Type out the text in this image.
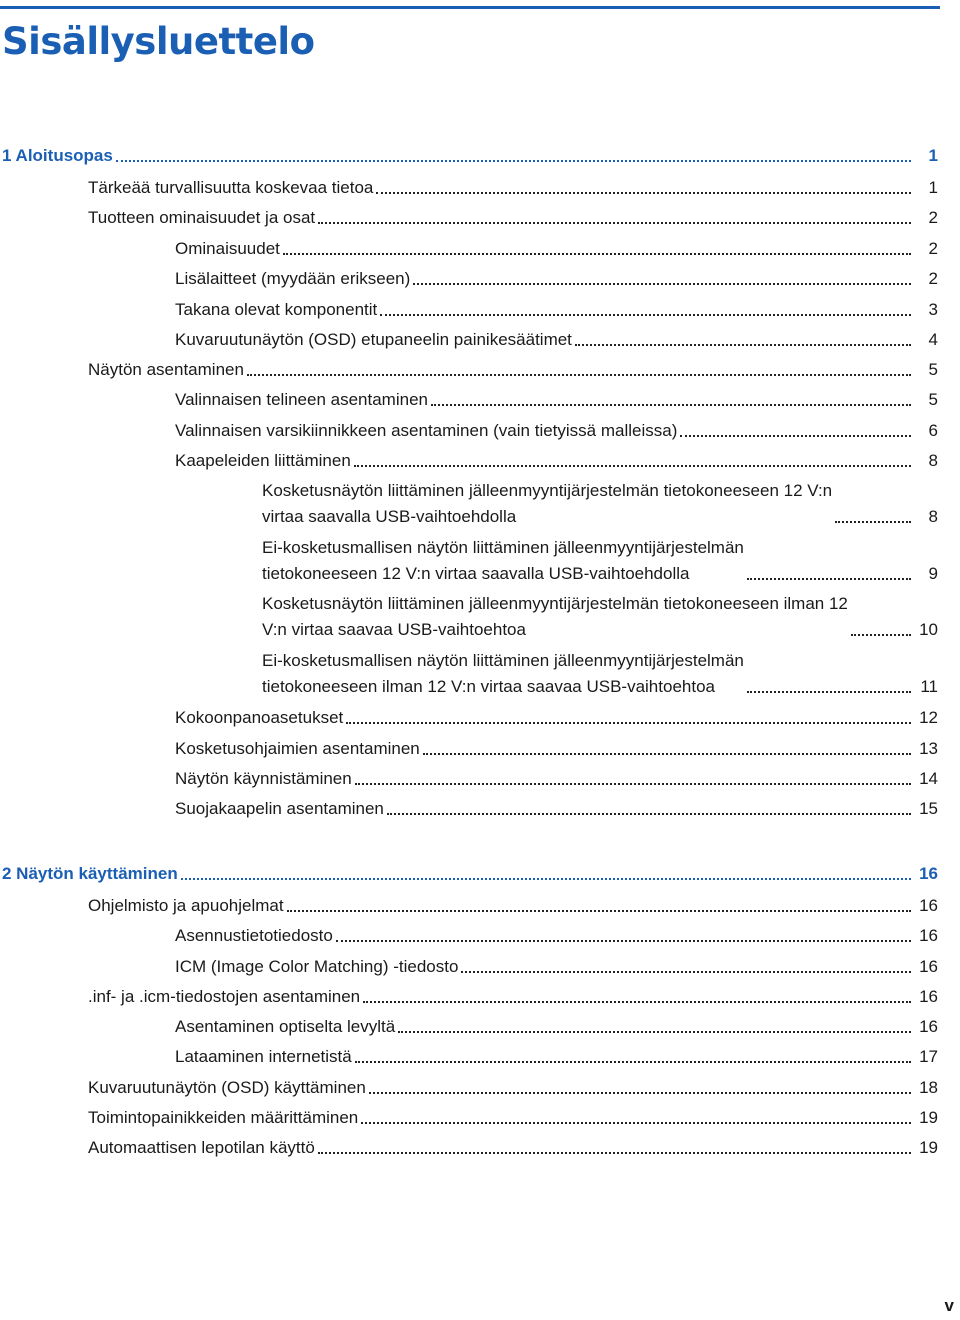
Sisällysluettelo
1 Aloitusopas	1
Tärkeää turvallisuutta koskevaa tietoa	1
Tuotteen ominaisuudet ja osat	2
Ominaisuudet	2
Lisälaitteet (myydään erikseen)	2
Takana olevat komponentit	3
Kuvaruutunäytön (OSD) etupaneelin painikesäätimet	4
Näytön asentaminen	5
Valinnaisen telineen asentaminen	5
Valinnaisen varsikiinnikkeen asentaminen (vain tietyissä malleissa)	6
Kaapeleiden liittäminen	8
Kosketusnäytön liittäminen jälleenmyyntijärjestelmän tietokoneeseen 12 V:n
virtaa saavalla USB-vaihtoehdolla	8
Ei-kosketusmallisen näytön liittäminen jälleenmyyntijärjestelmän
tietokoneeseen 12 V:n virtaa saavalla USB-vaihtoehdolla	9
Kosketusnäytön liittäminen jälleenmyyntijärjestelmän tietokoneeseen ilman 12
V:n virtaa saavaa USB-vaihtoehtoa	10
Ei-kosketusmallisen näytön liittäminen jälleenmyyntijärjestelmän
tietokoneeseen ilman 12 V:n virtaa saavaa USB-vaihtoehtoa	11
Kokoonpanoasetukset	12
Kosketusohjaimien asentaminen	13
Näytön käynnistäminen	14
Suojakaapelin asentaminen	15
2 Näytön käyttäminen	16
Ohjelmisto ja apuohjelmat	16
Asennustietotiedosto	16
ICM (Image Color Matching) -tiedosto	16
.inf- ja .icm-tiedostojen asentaminen	16
Asentaminen optiselta levyltä	16
Lataaminen internetistä	17
Kuvaruutunäytön (OSD) käyttäminen	18
Toimintopainikkeiden määrittäminen	19
Automaattisen lepotilan käyttö	19
v
